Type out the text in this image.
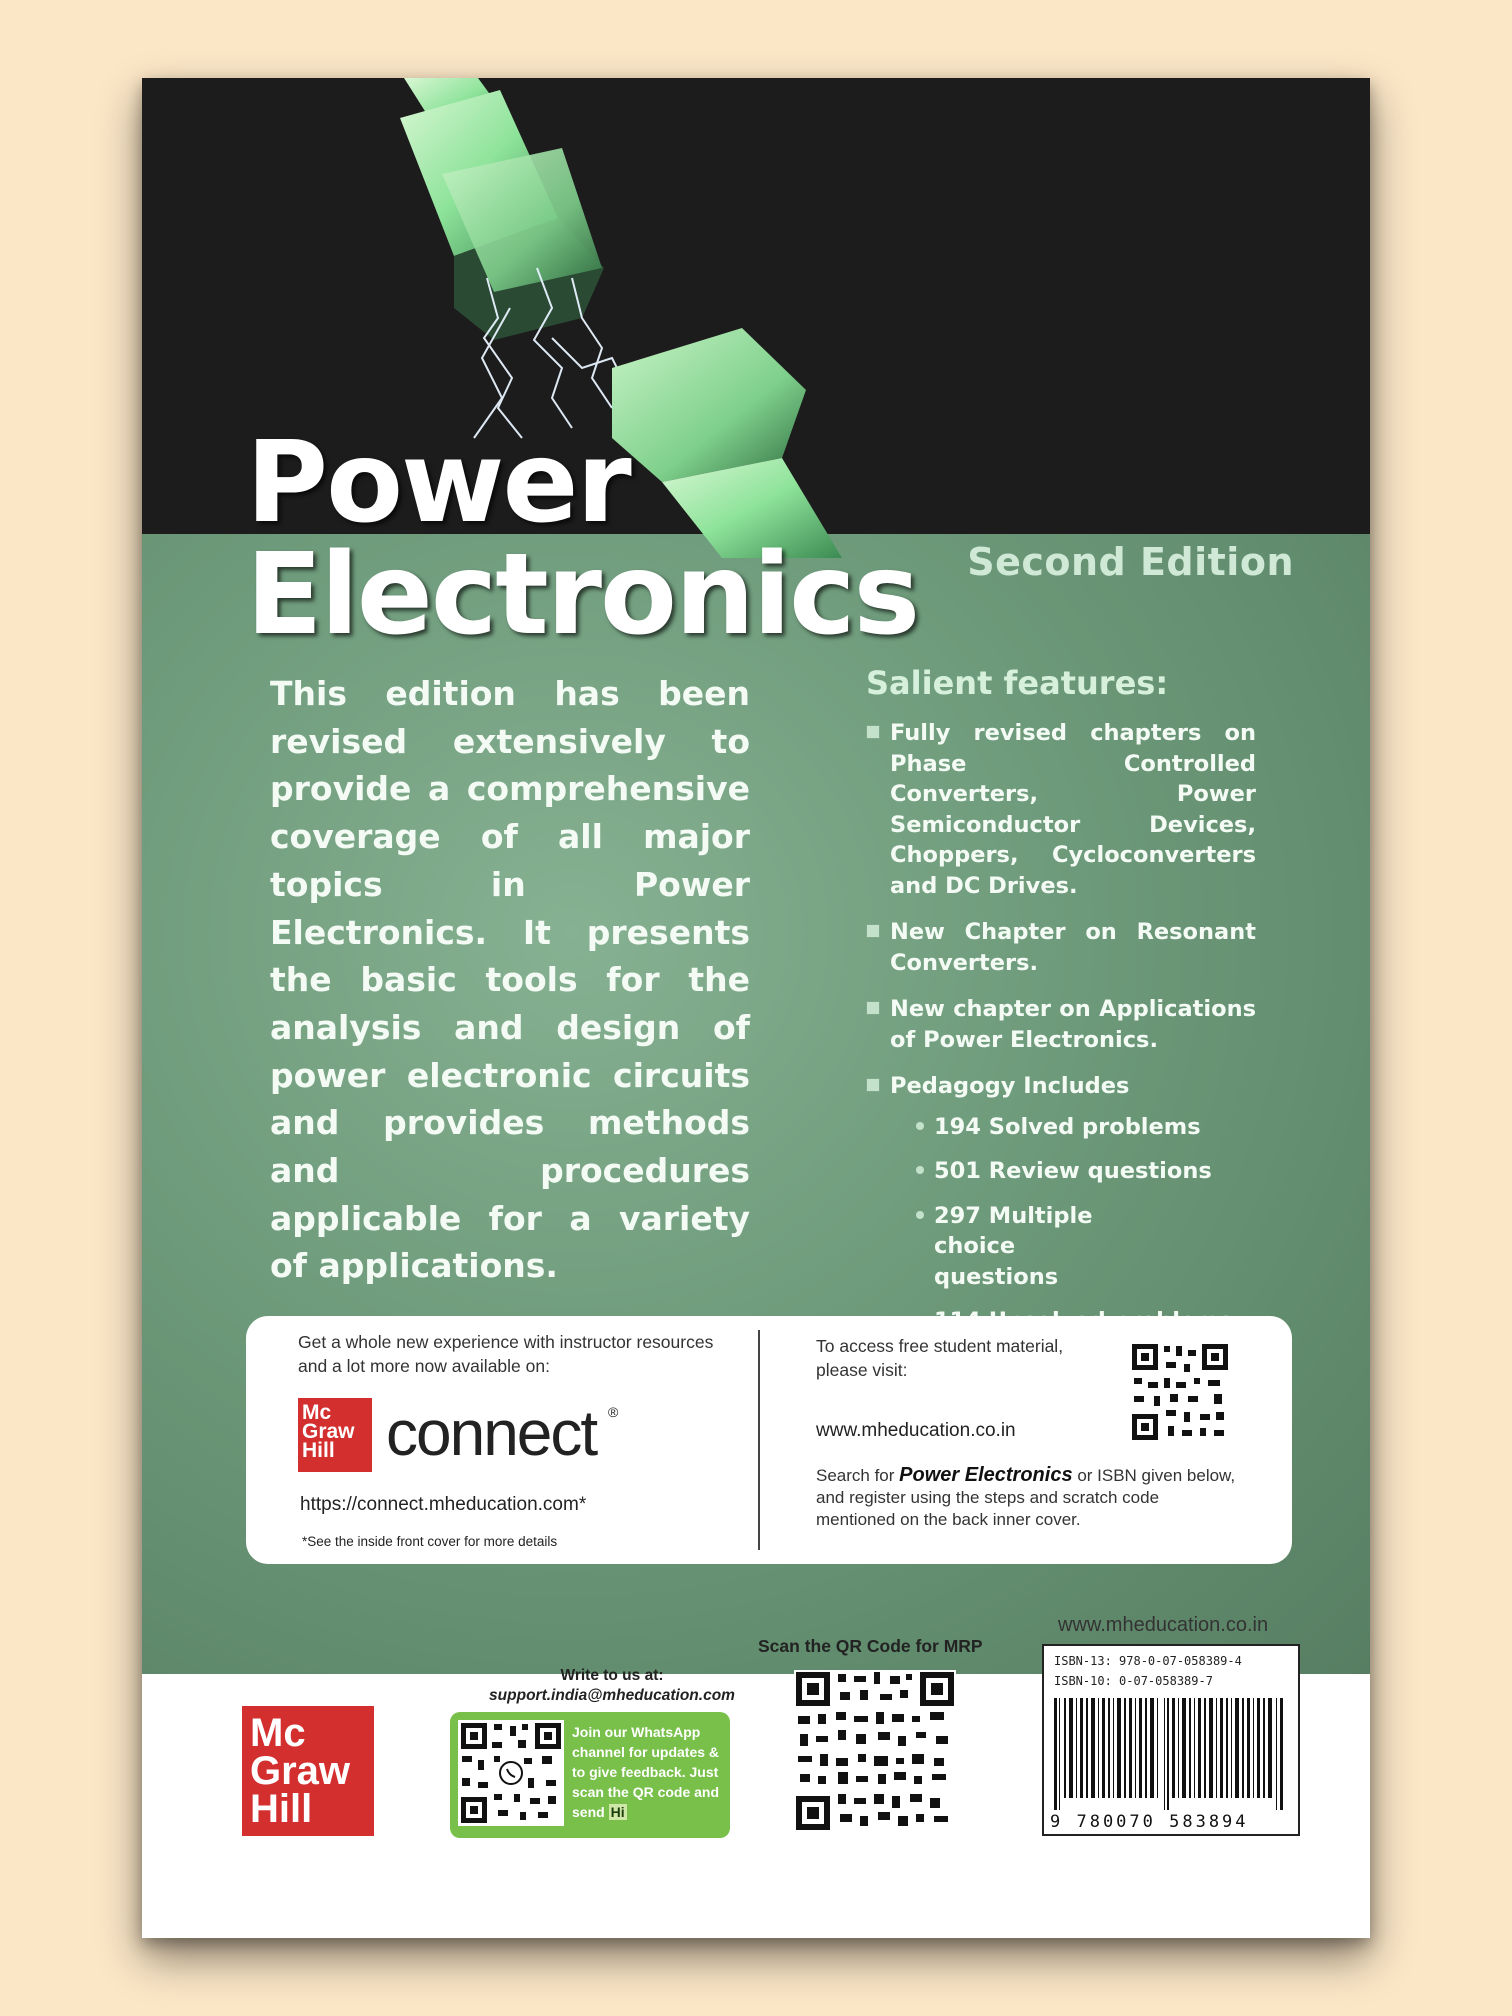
Power
Electronics Second Edition
This edition has been revised extensively to provide a comprehensive coverage of all major topics in Power Electronics. It presents the basic tools for the analysis and design of power electronic circuits and provides methods and procedures applicable for a variety of applications.
Salient features:
Fully revised chapters on Phase Controlled Converters, Power Semiconductor Devices, Choppers, Cycloconverters and DC Drives.
New Chapter on Resonant Converters.
New chapter on Applications of Power Electronics.
Pedagogy Includes
194 Solved problems
501 Review questions
297 Multiple choice questions
Get a whole new experience with instructor resources and a lot more now available on:
Mc
Graw
Hill connect ®
https://connect.mheducation.com*
*See the inside front cover for more details
To access free student material, please visit:
www.mheducation.co.in
Search for Power Electronics or ISBN given below, and register using the steps and scratch code mentioned on the back inner cover.
www.mheducation.co.in
Scan the QR Code for MRP
Mc
Graw
Hill
Write to us at:
support.india@mheducation.com
Join our WhatsApp channel for updates & to give feedback. Just scan the QR code and send Hi
ISBN-13: 978-0-07-058389-4
ISBN-10: 0-07-058389-7
9 780070 583894
